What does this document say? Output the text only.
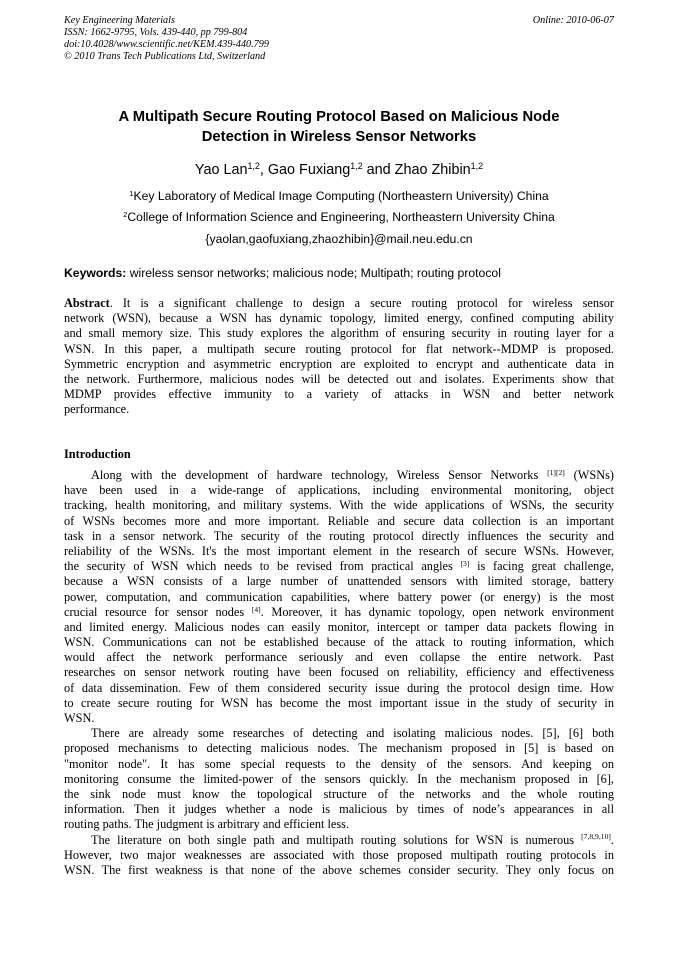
Key Engineering Materials
ISSN: 1662-9795, Vols. 439-440, pp 799-804
doi:10.4028/www.scientific.net/KEM.439-440.799
© 2010 Trans Tech Publications Ltd, Switzerland
Online: 2010-06-07
A Multipath Secure Routing Protocol Based on Malicious Node
Detection in Wireless Sensor Networks
Yao Lan$^{1,2}$, Gao Fuxiang$^{1,2}$ and Zhao Zhibin$^{1,2}$
$^1$Key Laboratory of Medical Image Computing (Northeastern University) China
$^2$College of Information Science and Engineering, Northeastern University China
{yaolan,gaofuxiang,zhaozhibin}@mail.neu.edu.cn
Keywords: wireless sensor networks; malicious node; Multipath; routing protocol
Abstract. It is a significant challenge to design a secure routing protocol for wireless sensor
network (WSN), because a WSN has dynamic topology, limited energy, confined computing ability
and small memory size. This study explores the algorithm of ensuring security in routing layer for a
WSN. In this paper, a multipath secure routing protocol for flat network--MDMP is proposed.
Symmetric encryption and asymmetric encryption are exploited to encrypt and authenticate data in
the network. Furthermore, malicious nodes will be detected out and isolates. Experiments show that
MDMP provides effective immunity to a variety of attacks in WSN and better network
performance.
Introduction
Along with the development of hardware technology, Wireless Sensor Networks [1][2] (WSNs)
have been used in a wide-range of applications, including environmental monitoring, object
tracking, health monitoring, and military systems. With the wide applications of WSNs, the security
of WSNs becomes more and more important. Reliable and secure data collection is an important
task in a sensor network. The security of the routing protocol directly influences the security and
reliability of the WSNs. It's the most important element in the research of secure WSNs. However,
the security of WSN which needs to be revised from practical angles [3] is facing great challenge,
because a WSN consists of a large number of unattended sensors with limited storage, battery
power, computation, and communication capabilities, where battery power (or energy) is the most
crucial resource for sensor nodes [4]. Moreover, it has dynamic topology, open network environment
and limited energy. Malicious nodes can easily monitor, intercept or tamper data packets flowing in
WSN. Communications can not be established because of the attack to routing information, which
would affect the network performance seriously and even collapse the entire network. Past
researches on sensor network routing have been focused on reliability, efficiency and effectiveness
of data dissemination. Few of them considered security issue during the protocol design time. How
to create secure routing for WSN has become the most important issue in the study of security in
WSN.
There are already some researches of detecting and isolating malicious nodes. [5], [6] both
proposed mechanisms to detecting malicious nodes. The mechanism proposed in [5] is based on
"monitor node". It has some special requests to the density of the sensors. And keeping on
monitoring consume the limited-power of the sensors quickly. In the mechanism proposed in [6],
the sink node must know the topological structure of the networks and the whole routing
information. Then it judges whether a node is malicious by times of node’s appearances in all
routing paths. The judgment is arbitrary and efficient less.
The literature on both single path and multipath routing solutions for WSN is numerous [7,8,9,10].
However, two major weaknesses are associated with those proposed multipath routing protocols in
WSN. The first weakness is that none of the above schemes consider security. They only focus on
